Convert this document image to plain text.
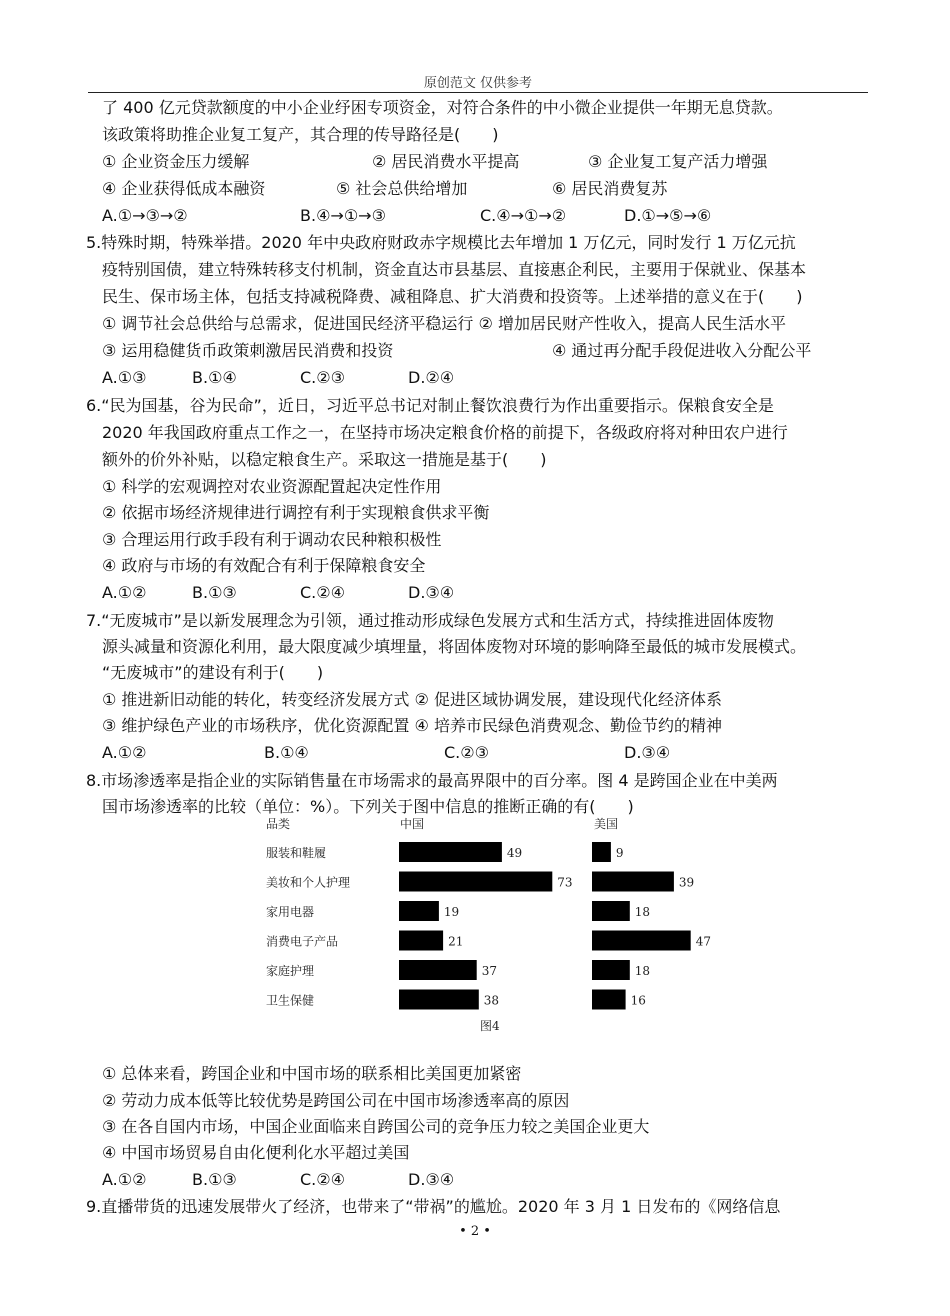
原创范文 仅供参考
了 400 亿元贷款额度的中小企业纾困专项资金，对符合条件的中小微企业提供一年期无息贷款。
该政策将助推企业复工复产，其合理的传导路径是(　　)
① 企业资金压力缓解	② 居民消费水平提高	③ 企业复工复产活力增强
④ 企业获得低成本融资	⑤ 社会总供给增加	⑥ 居民消费复苏
A.①→③→②	B.④→①→③	C.④→①→②	D.①→⑤→⑥
5.特殊时期，特殊举措。2020 年中央政府财政赤字规模比去年增加 1 万亿元，同时发行 1 万亿元抗
疫特别国债，建立特殊转移支付机制，资金直达市县基层、直接惠企利民，主要用于保就业、保基本
民生、保市场主体，包括支持减税降费、减租降息、扩大消费和投资等。上述举措的意义在于(　　)
① 调节社会总供给与总需求，促进国民经济平稳运行 ② 增加居民财产性收入，提高人民生活水平
③ 运用稳健货币政策刺激居民消费和投资	④ 通过再分配手段促进收入分配公平
A.①③	B.①④	C.②③	D.②④
6.“民为国基，谷为民命”，近日，习近平总书记对制止餐饮浪费行为作出重要指示。保粮食安全是
2020 年我国政府重点工作之一，在坚持市场决定粮食价格的前提下，各级政府将对种田农户进行
额外的价外补贴，以稳定粮食生产。采取这一措施是基于(　　)
① 科学的宏观调控对农业资源配置起决定性作用
② 依据市场经济规律进行调控有利于实现粮食供求平衡
③ 合理运用行政手段有利于调动农民种粮积极性
④ 政府与市场的有效配合有利于保障粮食安全
A.①②	B.①③	C.②④	D.③④
7.“无废城市”是以新发展理念为引领，通过推动形成绿色发展方式和生活方式，持续推进固体废物
源头减量和资源化利用，最大限度减少填埋量，将固体废物对环境的影响降至最低的城市发展模式。
“无废城市”的建设有利于(　　)
① 推进新旧动能的转化，转变经济发展方式 ② 促进区域协调发展，建设现代化经济体系
③ 维护绿色产业的市场秩序，优化资源配置 ④ 培养市民绿色消费观念、勤俭节约的精神
A.①②	B.①④	C.②③	D.③④
8.市场渗透率是指企业的实际销售量在市场需求的最高界限中的百分率。图 4 是跨国企业在中美两
国市场渗透率的比较（单位：%）。下列关于图中信息的推断正确的有(　　)
品类	中国	美国
服装和鞋履	49	9
美妆和个人护理	73	39
家用电器	19	18
消费电子产品	21	47
家庭护理	37	18
卫生保健	38	16
图4
① 总体来看，跨国企业和中国市场的联系相比美国更加紧密
② 劳动力成本低等比较优势是跨国公司在中国市场渗透率高的原因
③ 在各自国内市场，中国企业面临来自跨国公司的竞争压力较之美国企业更大
④ 中国市场贸易自由化便利化水平超过美国
A.①②	B.①③	C.②④	D.③④
9.直播带货的迅速发展带火了经济，也带来了“带祸”的尴尬。2020 年 3 月 1 日发布的《网络信息
• 2 •
